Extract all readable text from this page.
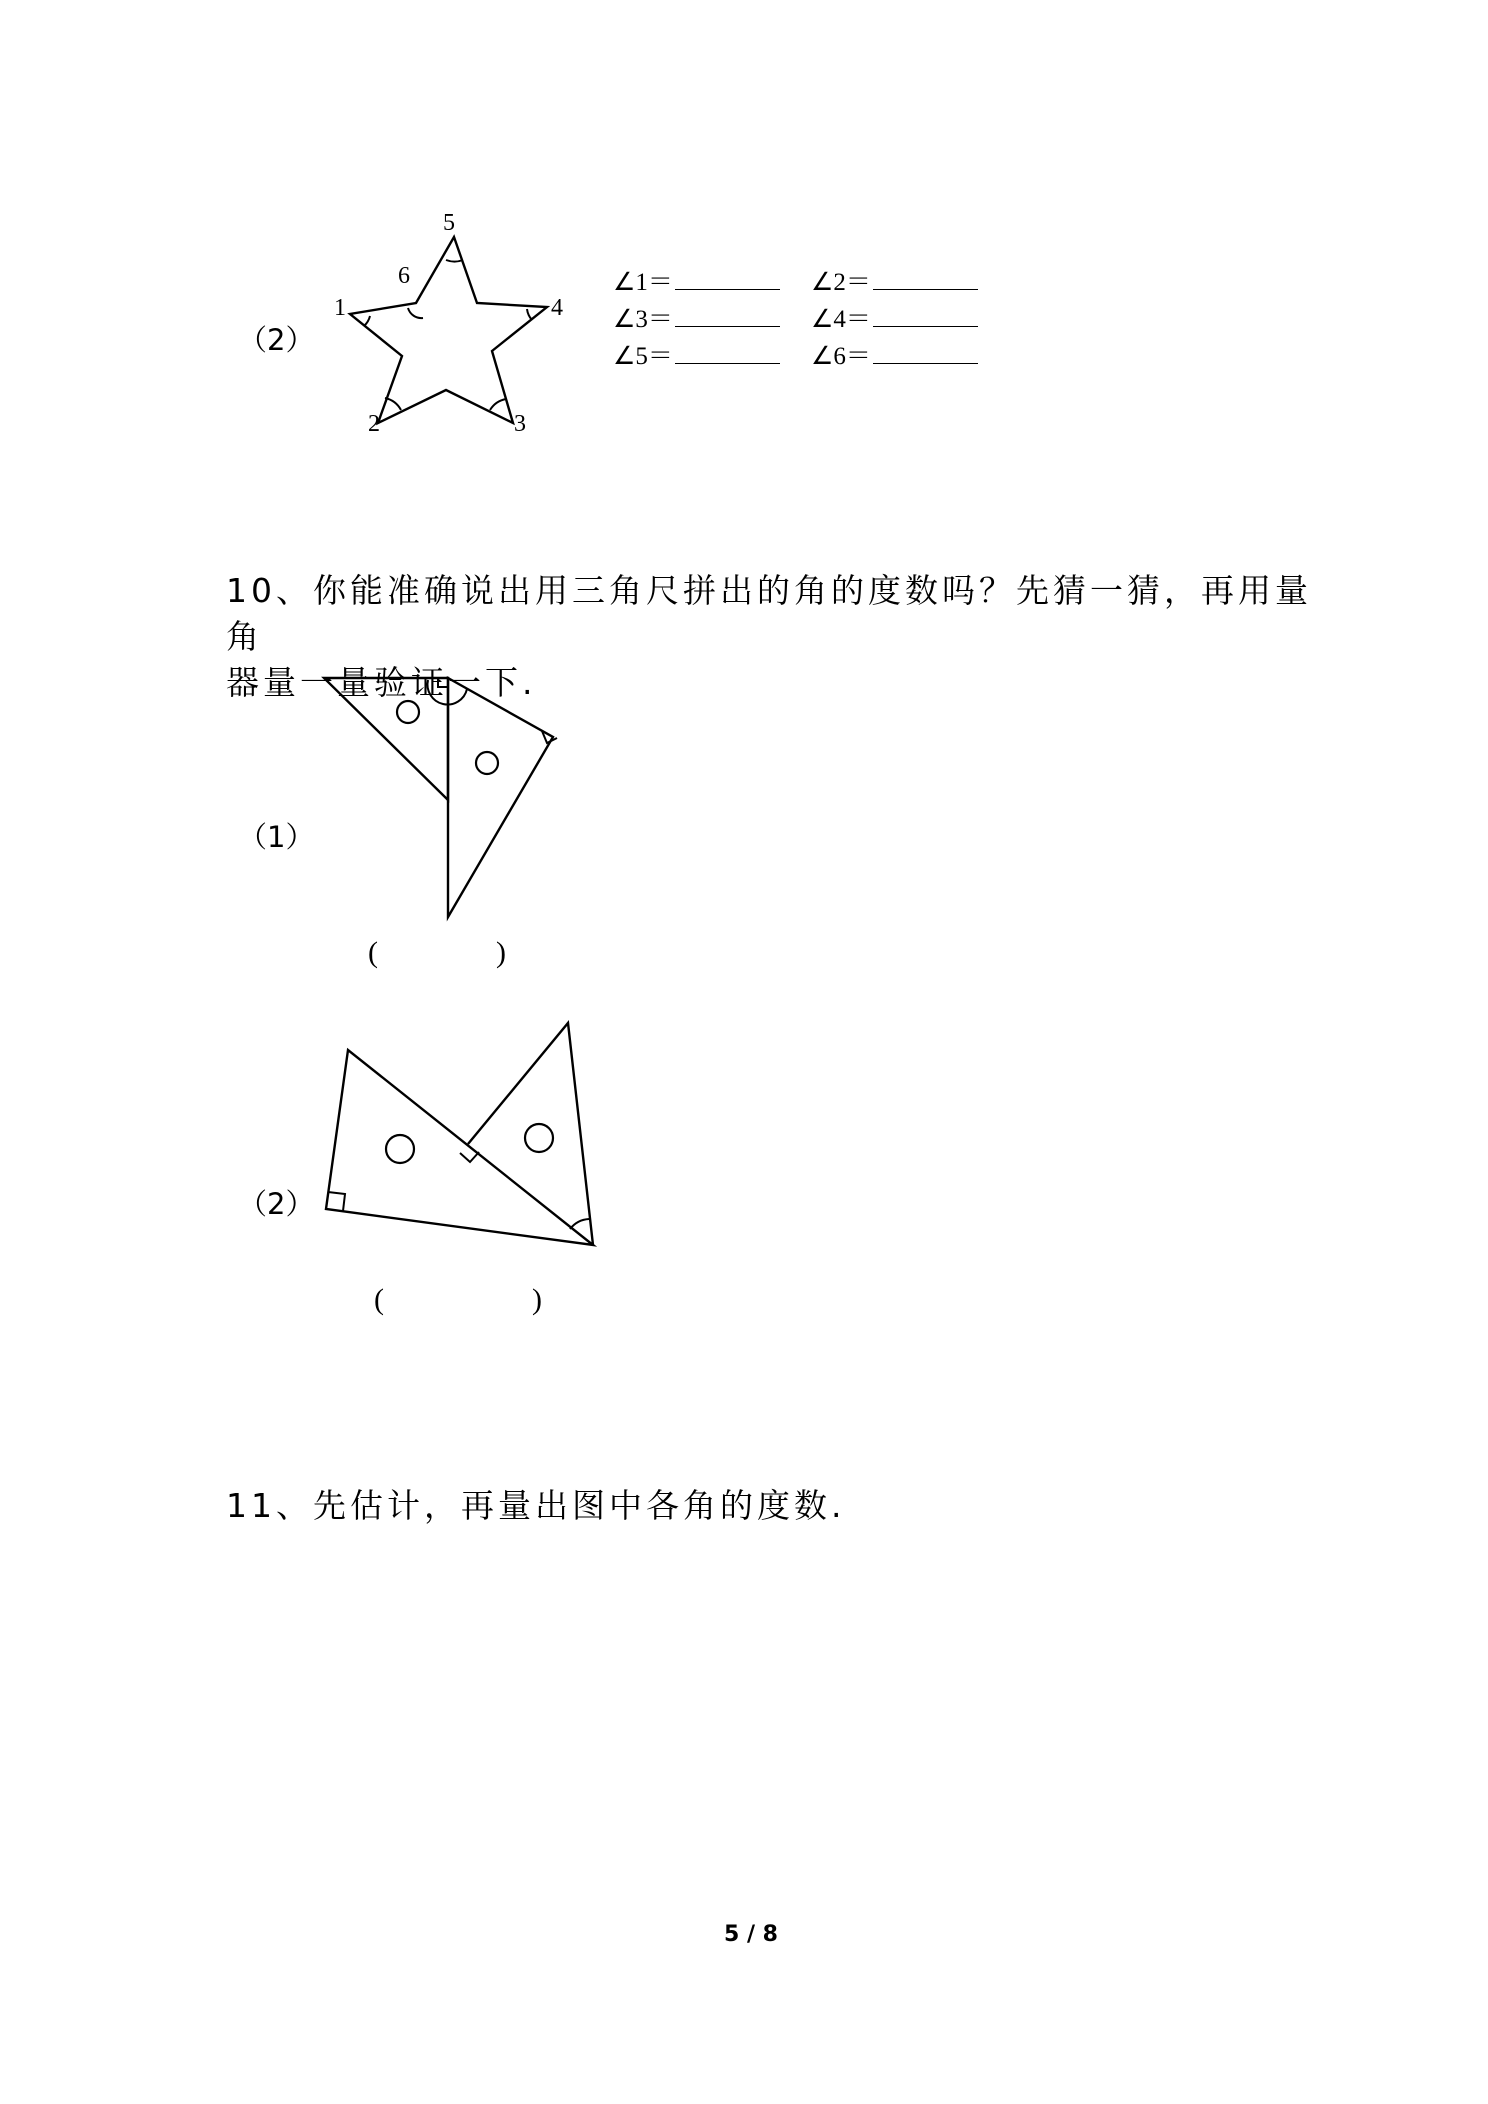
（2）
5
6
1	4
2	3
∠1＝	∠2＝
∠3＝	∠4＝
∠5＝	∠6＝
10、你能准确说出用三角尺拼出的角的度数吗？先猜一猜，再用量角
器量一量验证一下.
（1）
(	)
（2）
(	)
11、先估计，再量出图中各角的度数.
5 / 8
